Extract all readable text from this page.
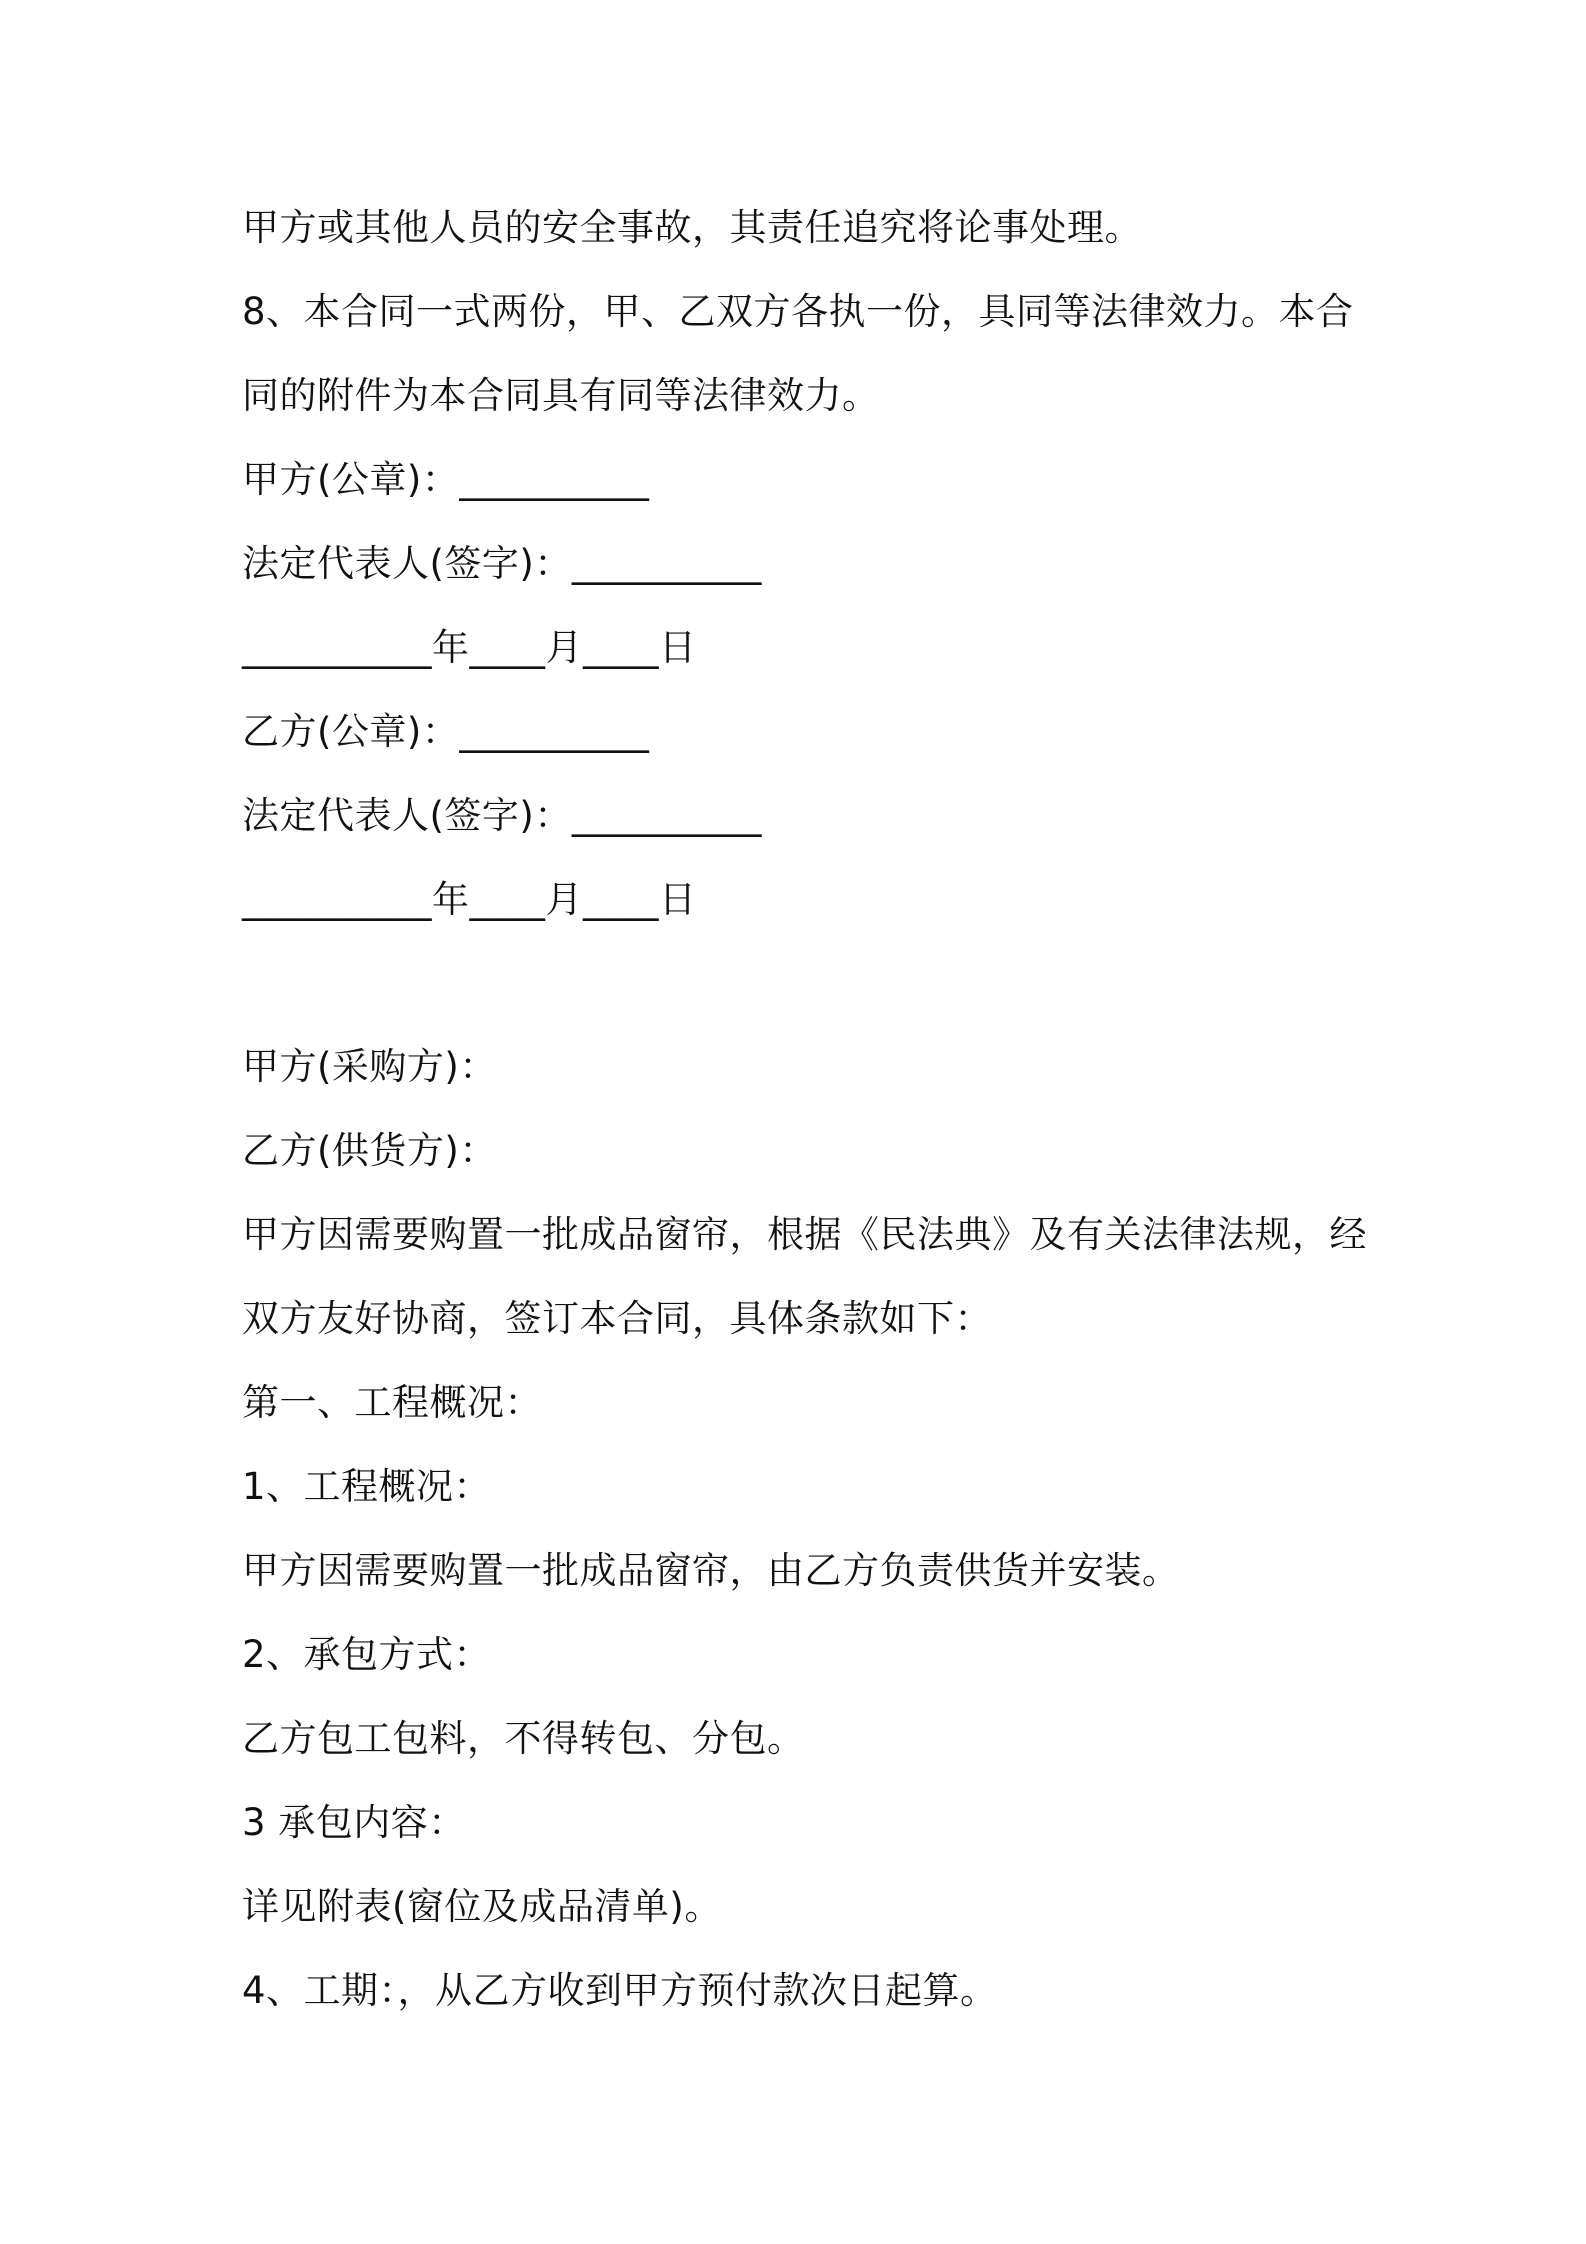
甲方或其他人员的安全事故，其责任追究将论事处理。
8、本合同一式两份，甲、乙双方各执一份，具同等法律效力。本合
同的附件为本合同具有同等法律效力。
甲方(公章)：__________
法定代表人(签字)：__________
__________年____月____日
乙方(公章)：__________
法定代表人(签字)：__________
__________年____月____日
甲方(采购方)：
乙方(供货方)：
甲方因需要购置一批成品窗帘，根据《民法典》及有关法律法规，经
双方友好协商，签订本合同，具体条款如下：
第一、工程概况：
1、工程概况：
甲方因需要购置一批成品窗帘，由乙方负责供货并安装。
2、承包方式：
乙方包工包料，不得转包、分包。
3 承包内容：
详见附表(窗位及成品清单)。
4、工期：，从乙方收到甲方预付款次日起算。
